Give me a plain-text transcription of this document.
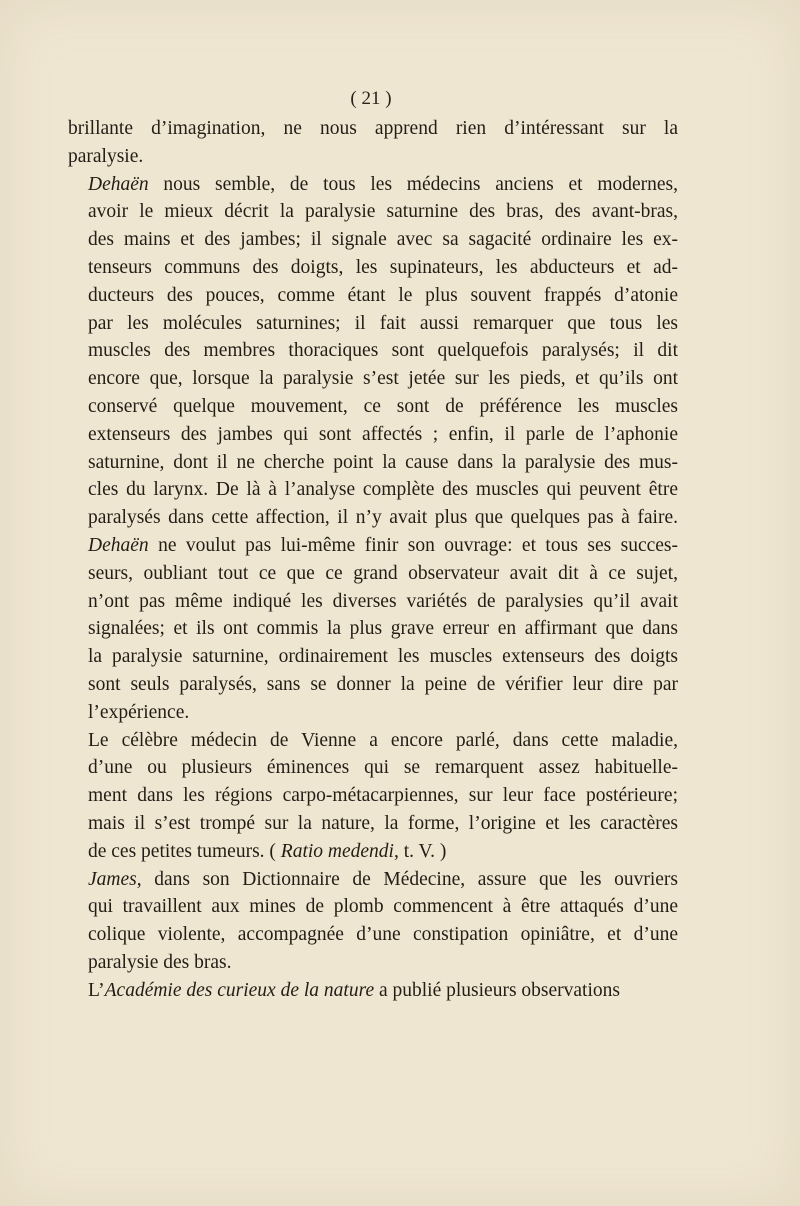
( 21 )
brillante d’imagination, ne nous apprend rien d’intéressant sur la
paralysie.
Dehaën nous semble, de tous les médecins anciens et modernes,
avoir le mieux décrit la paralysie saturnine des bras, des avant-bras,
des mains et des jambes; il signale avec sa sagacité ordinaire les ex-
tenseurs communs des doigts, les supinateurs, les abducteurs et ad-
ducteurs des pouces, comme étant le plus souvent frappés d’atonie
par les molécules saturnines; il fait aussi remarquer que tous les
muscles des membres thoraciques sont quelquefois paralysés; il dit
encore que, lorsque la paralysie s’est jetée sur les pieds, et qu’ils ont
conservé quelque mouvement, ce sont de préférence les muscles
extenseurs des jambes qui sont affectés ; enfin, il parle de l’aphonie
saturnine, dont il ne cherche point la cause dans la paralysie des mus-
cles du larynx. De là à l’analyse complète des muscles qui peuvent être
paralysés dans cette affection, il n’y avait plus que quelques pas à faire.
Dehaën ne voulut pas lui-même finir son ouvrage: et tous ses succes-
seurs, oubliant tout ce que ce grand observateur avait dit à ce sujet,
n’ont pas même indiqué les diverses variétés de paralysies qu’il avait
signalées; et ils ont commis la plus grave erreur en affirmant que dans
la paralysie saturnine, ordinairement les muscles extenseurs des doigts
sont seuls paralysés, sans se donner la peine de vérifier leur dire par
l’expérience.
Le célèbre médecin de Vienne a encore parlé, dans cette maladie,
d’une ou plusieurs éminences qui se remarquent assez habituelle-
ment dans les régions carpo-métacarpiennes, sur leur face postérieure;
mais il s’est trompé sur la nature, la forme, l’origine et les caractères
de ces petites tumeurs. ( Ratio medendi, t. V. )
James, dans son Dictionnaire de Médecine, assure que les ouvriers
qui travaillent aux mines de plomb commencent à être attaqués d’une
colique violente, accompagnée d’une constipation opiniâtre, et d’une
paralysie des bras.
L’Académie des curieux de la nature a publié plusieurs observations
